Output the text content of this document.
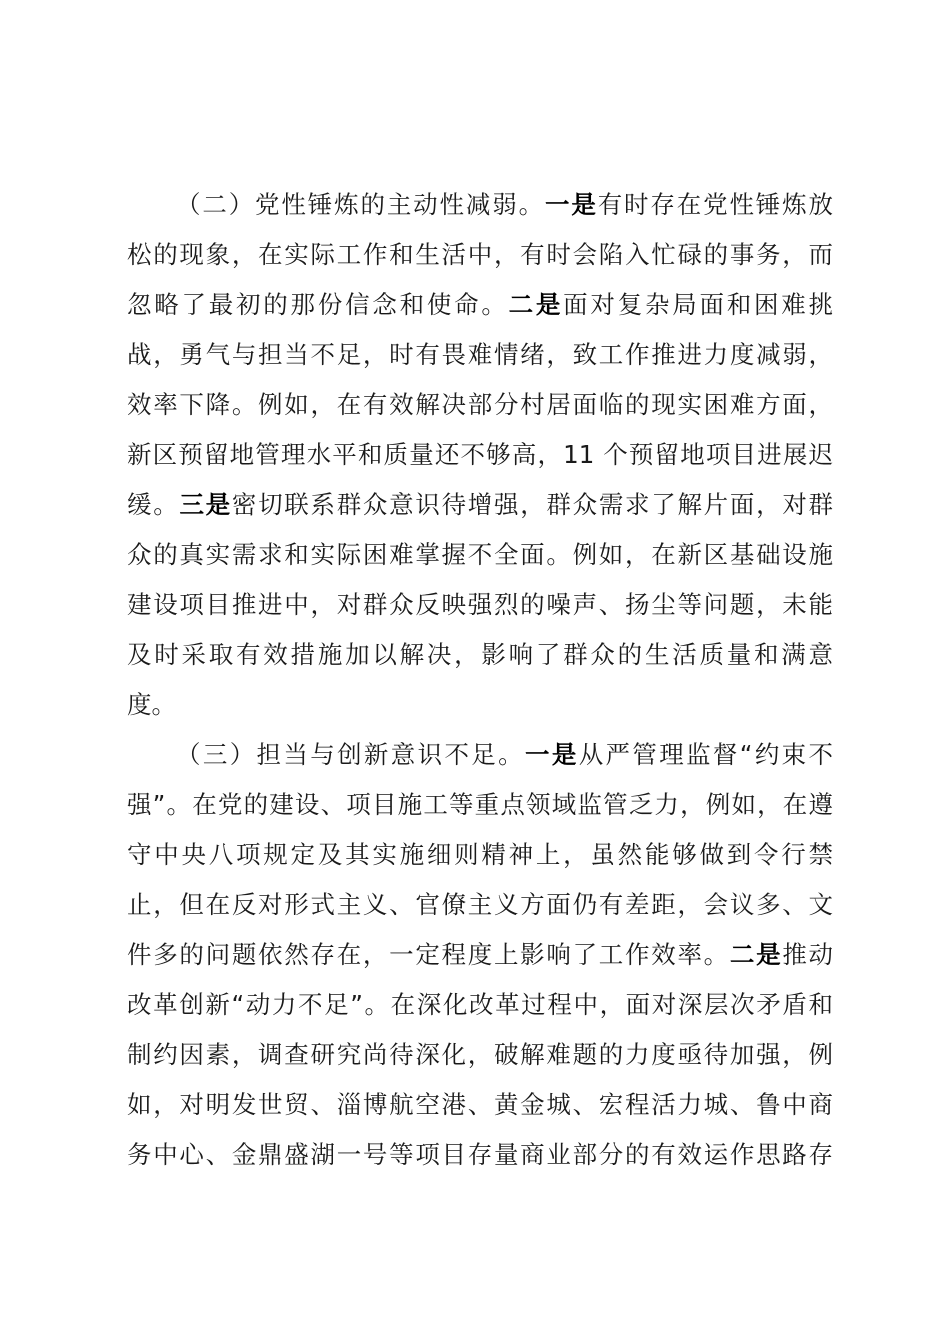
（二）党性锤炼的主动性减弱。一是有时存在党性锤炼放
松的现象，在实际工作和生活中，有时会陷入忙碌的事务，而
忽略了最初的那份信念和使命。二是面对复杂局面和困难挑
战，勇气与担当不足，时有畏难情绪，致工作推进力度减弱，
效率下降。例如，在有效解决部分村居面临的现实困难方面，
新区预留地管理水平和质量还不够高，11 个预留地项目进展迟
缓。三是密切联系群众意识待增强，群众需求了解片面，对群
众的真实需求和实际困难掌握不全面。例如，在新区基础设施
建设项目推进中，对群众反映强烈的噪声、扬尘等问题，未能
及时采取有效措施加以解决，影响了群众的生活质量和满意
度。
（三）担当与创新意识不足。一是从严管理监督“约束不
强”。在党的建设、项目施工等重点领域监管乏力，例如，在遵
守中央八项规定及其实施细则精神上，虽然能够做到令行禁
止，但在反对形式主义、官僚主义方面仍有差距，会议多、文
件多的问题依然存在，一定程度上影响了工作效率。二是推动
改革创新“动力不足”。在深化改革过程中，面对深层次矛盾和
制约因素，调查研究尚待深化，破解难题的力度亟待加强，例
如，对明发世贸、淄博航空港、黄金城、宏程活力城、鲁中商
务中心、金鼎盛湖一号等项目存量商业部分的有效运作思路存
